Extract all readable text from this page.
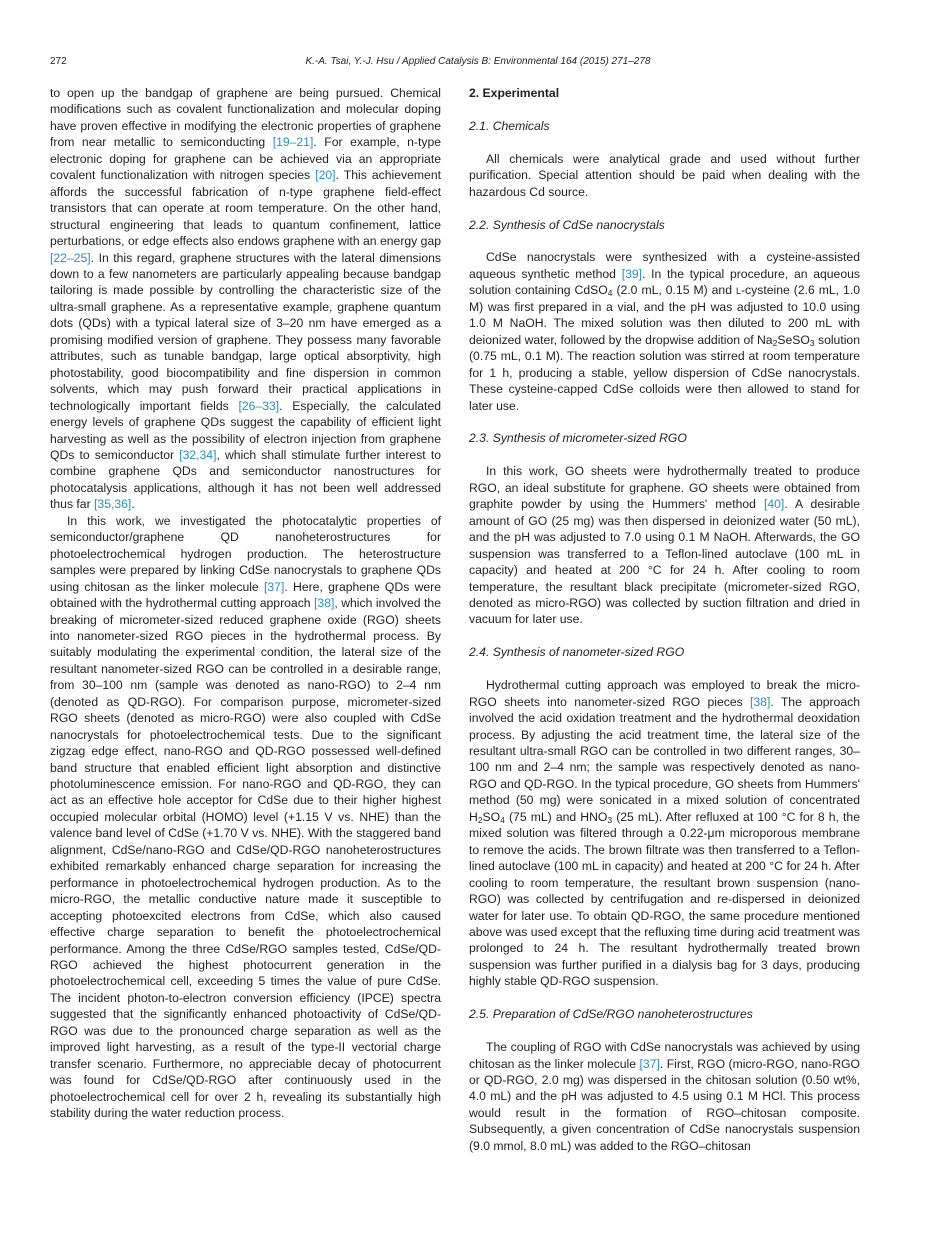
272	K.-A. Tsai, Y.-J. Hsu / Applied Catalysis B: Environmental 164 (2015) 271–278

to open up the bandgap of graphene are being pursued. Chemical modifications such as covalent functionalization and molecular doping have proven effective in modifying the electronic properties of graphene from near metallic to semiconducting [19–21]. For example, n-type electronic doping for graphene can be achieved via an appropriate covalent functionalization with nitrogen species [20]. This achievement affords the successful fabrication of n-type graphene field-effect transistors that can operate at room temperature. On the other hand, structural engineering that leads to quantum confinement, lattice perturbations, or edge effects also endows graphene with an energy gap [22–25]. In this regard, graphene structures with the lateral dimensions down to a few nanometers are particularly appealing because bandgap tailoring is made possible by controlling the characteristic size of the ultra-small graphene. As a representative example, graphene quantum dots (QDs) with a typical lateral size of 3–20 nm have emerged as a promising modified version of graphene. They possess many favorable attributes, such as tunable bandgap, large optical absorptivity, high photostability, good biocompatibility and fine dispersion in common solvents, which may push forward their practical applications in technologically important fields [26–33]. Especially, the calculated energy levels of graphene QDs suggest the capability of efficient light harvesting as well as the possibility of electron injection from graphene QDs to semiconductor [32,34], which shall stimulate further interest to combine graphene QDs and semiconductor nanostructures for photocatalysis applications, although it has not been well addressed thus far [35,36].

In this work, we investigated the photocatalytic properties of semiconductor/graphene QD nanoheterostructures for photoelectrochemical hydrogen production. The heterostructure samples were prepared by linking CdSe nanocrystals to graphene QDs using chitosan as the linker molecule [37]. Here, graphene QDs were obtained with the hydrothermal cutting approach [38], which involved the breaking of micrometer-sized reduced graphene oxide (RGO) sheets into nanometer-sized RGO pieces in the hydrothermal process. By suitably modulating the experimental condition, the lateral size of the resultant nanometer-sized RGO can be controlled in a desirable range, from 30–100 nm (sample was denoted as nano-RGO) to 2–4 nm (denoted as QD-RGO). For comparison purpose, micrometer-sized RGO sheets (denoted as micro-RGO) were also coupled with CdSe nanocrystals for photoelectrochemical tests. Due to the significant zigzag edge effect, nano-RGO and QD-RGO possessed well-defined band structure that enabled efficient light absorption and distinctive photoluminescence emission. For nano-RGO and QD-RGO, they can act as an effective hole acceptor for CdSe due to their higher highest occupied molecular orbital (HOMO) level (+1.15 V vs. NHE) than the valence band level of CdSe (+1.70 V vs. NHE). With the staggered band alignment, CdSe/nano-RGO and CdSe/QD-RGO nanoheterostructures exhibited remarkably enhanced charge separation for increasing the performance in photoelectrochemical hydrogen production. As to the micro-RGO, the metallic conductive nature made it susceptible to accepting photoexcited electrons from CdSe, which also caused effective charge separation to benefit the photoelectrochemical performance. Among the three CdSe/RGO samples tested, CdSe/QD-RGO achieved the highest photocurrent generation in the photoelectrochemical cell, exceeding 5 times the value of pure CdSe. The incident photon-to-electron conversion efficiency (IPCE) spectra suggested that the significantly enhanced photoactivity of CdSe/QD-RGO was due to the pronounced charge separation as well as the improved light harvesting, as a result of the type-II vectorial charge transfer scenario. Furthermore, no appreciable decay of photocurrent was found for CdSe/QD-RGO after continuously used in the photoelectrochemical cell for over 2 h, revealing its substantially high stability during the water reduction process.

2. Experimental
2.1. Chemicals

All chemicals were analytical grade and used without further purification. Special attention should be paid when dealing with the hazardous Cd source.

2.2. Synthesis of CdSe nanocrystals

CdSe nanocrystals were synthesized with a cysteine-assisted aqueous synthetic method [39]. In the typical procedure, an aqueous solution containing CdSO$_4$ (2.0 mL, 0.15 M) and l-cysteine (2.6 mL, 1.0 M) was first prepared in a vial, and the pH was adjusted to 10.0 using 1.0 M NaOH. The mixed solution was then diluted to 200 mL with deionized water, followed by the dropwise addition of $Na_2SeSO_3$ solution (0.75 mL, 0.1 M). The reaction solution was stirred at room temperature for 1 h, producing a stable, yellow dispersion of CdSe nanocrystals. These cysteine-capped CdSe colloids were then allowed to stand for later use.

2.3. Synthesis of micrometer-sized RGO

In this work, GO sheets were hydrothermally treated to produce RGO, an ideal substitute for graphene. GO sheets were obtained from graphite powder by using the Hummers' method [40]. A desirable amount of GO (25 mg) was then dispersed in deionized water (50 mL), and the pH was adjusted to 7.0 using 0.1 M NaOH. Afterwards, the GO suspension was transferred to a Teflon-lined autoclave (100 mL in capacity) and heated at 200 °C for 24 h. After cooling to room temperature, the resultant black precipitate (micrometer-sized RGO, denoted as micro-RGO) was collected by suction filtration and dried in vacuum for later use.

2.4. Synthesis of nanometer-sized RGO

Hydrothermal cutting approach was employed to break the micro-RGO sheets into nanometer-sized RGO pieces [38]. The approach involved the acid oxidation treatment and the hydrothermal deoxidation process. By adjusting the acid treatment time, the lateral size of the resultant ultra-small RGO can be controlled in two different ranges, 30–100 nm and 2–4 nm; the sample was respectively denoted as nano-RGO and QD-RGO. In the typical procedure, GO sheets from Hummers' method (50 mg) were sonicated in a mixed solution of concentrated $H_2SO_4$ (75 mL) and $HNO_3$ (25 mL). After refluxed at 100 °C for 8 h, the mixed solution was filtered through a 0.22-μm microporous membrane to remove the acids. The brown filtrate was then transferred to a Teflon-lined autoclave (100 mL in capacity) and heated at 200 °C for 24 h. After cooling to room temperature, the resultant brown suspension (nano-RGO) was collected by centrifugation and re-dispersed in deionized water for later use. To obtain QD-RGO, the same procedure mentioned above was used except that the refluxing time during acid treatment was prolonged to 24 h. The resultant hydrothermally treated brown suspension was further purified in a dialysis bag for 3 days, producing highly stable QD-RGO suspension.

2.5. Preparation of CdSe/RGO nanoheterostructures

The coupling of RGO with CdSe nanocrystals was achieved by using chitosan as the linker molecule [37]. First, RGO (micro-RGO, nano-RGO or QD-RGO, 2.0 mg) was dispersed in the chitosan solution (0.50 wt%, 4.0 mL) and the pH was adjusted to 4.5 using 0.1 M HCl. This process would result in the formation of RGO–chitosan composite. Subsequently, a given concentration of CdSe nanocrystals suspension (9.0 mmol, 8.0 mL) was added to the RGO–chitosan
